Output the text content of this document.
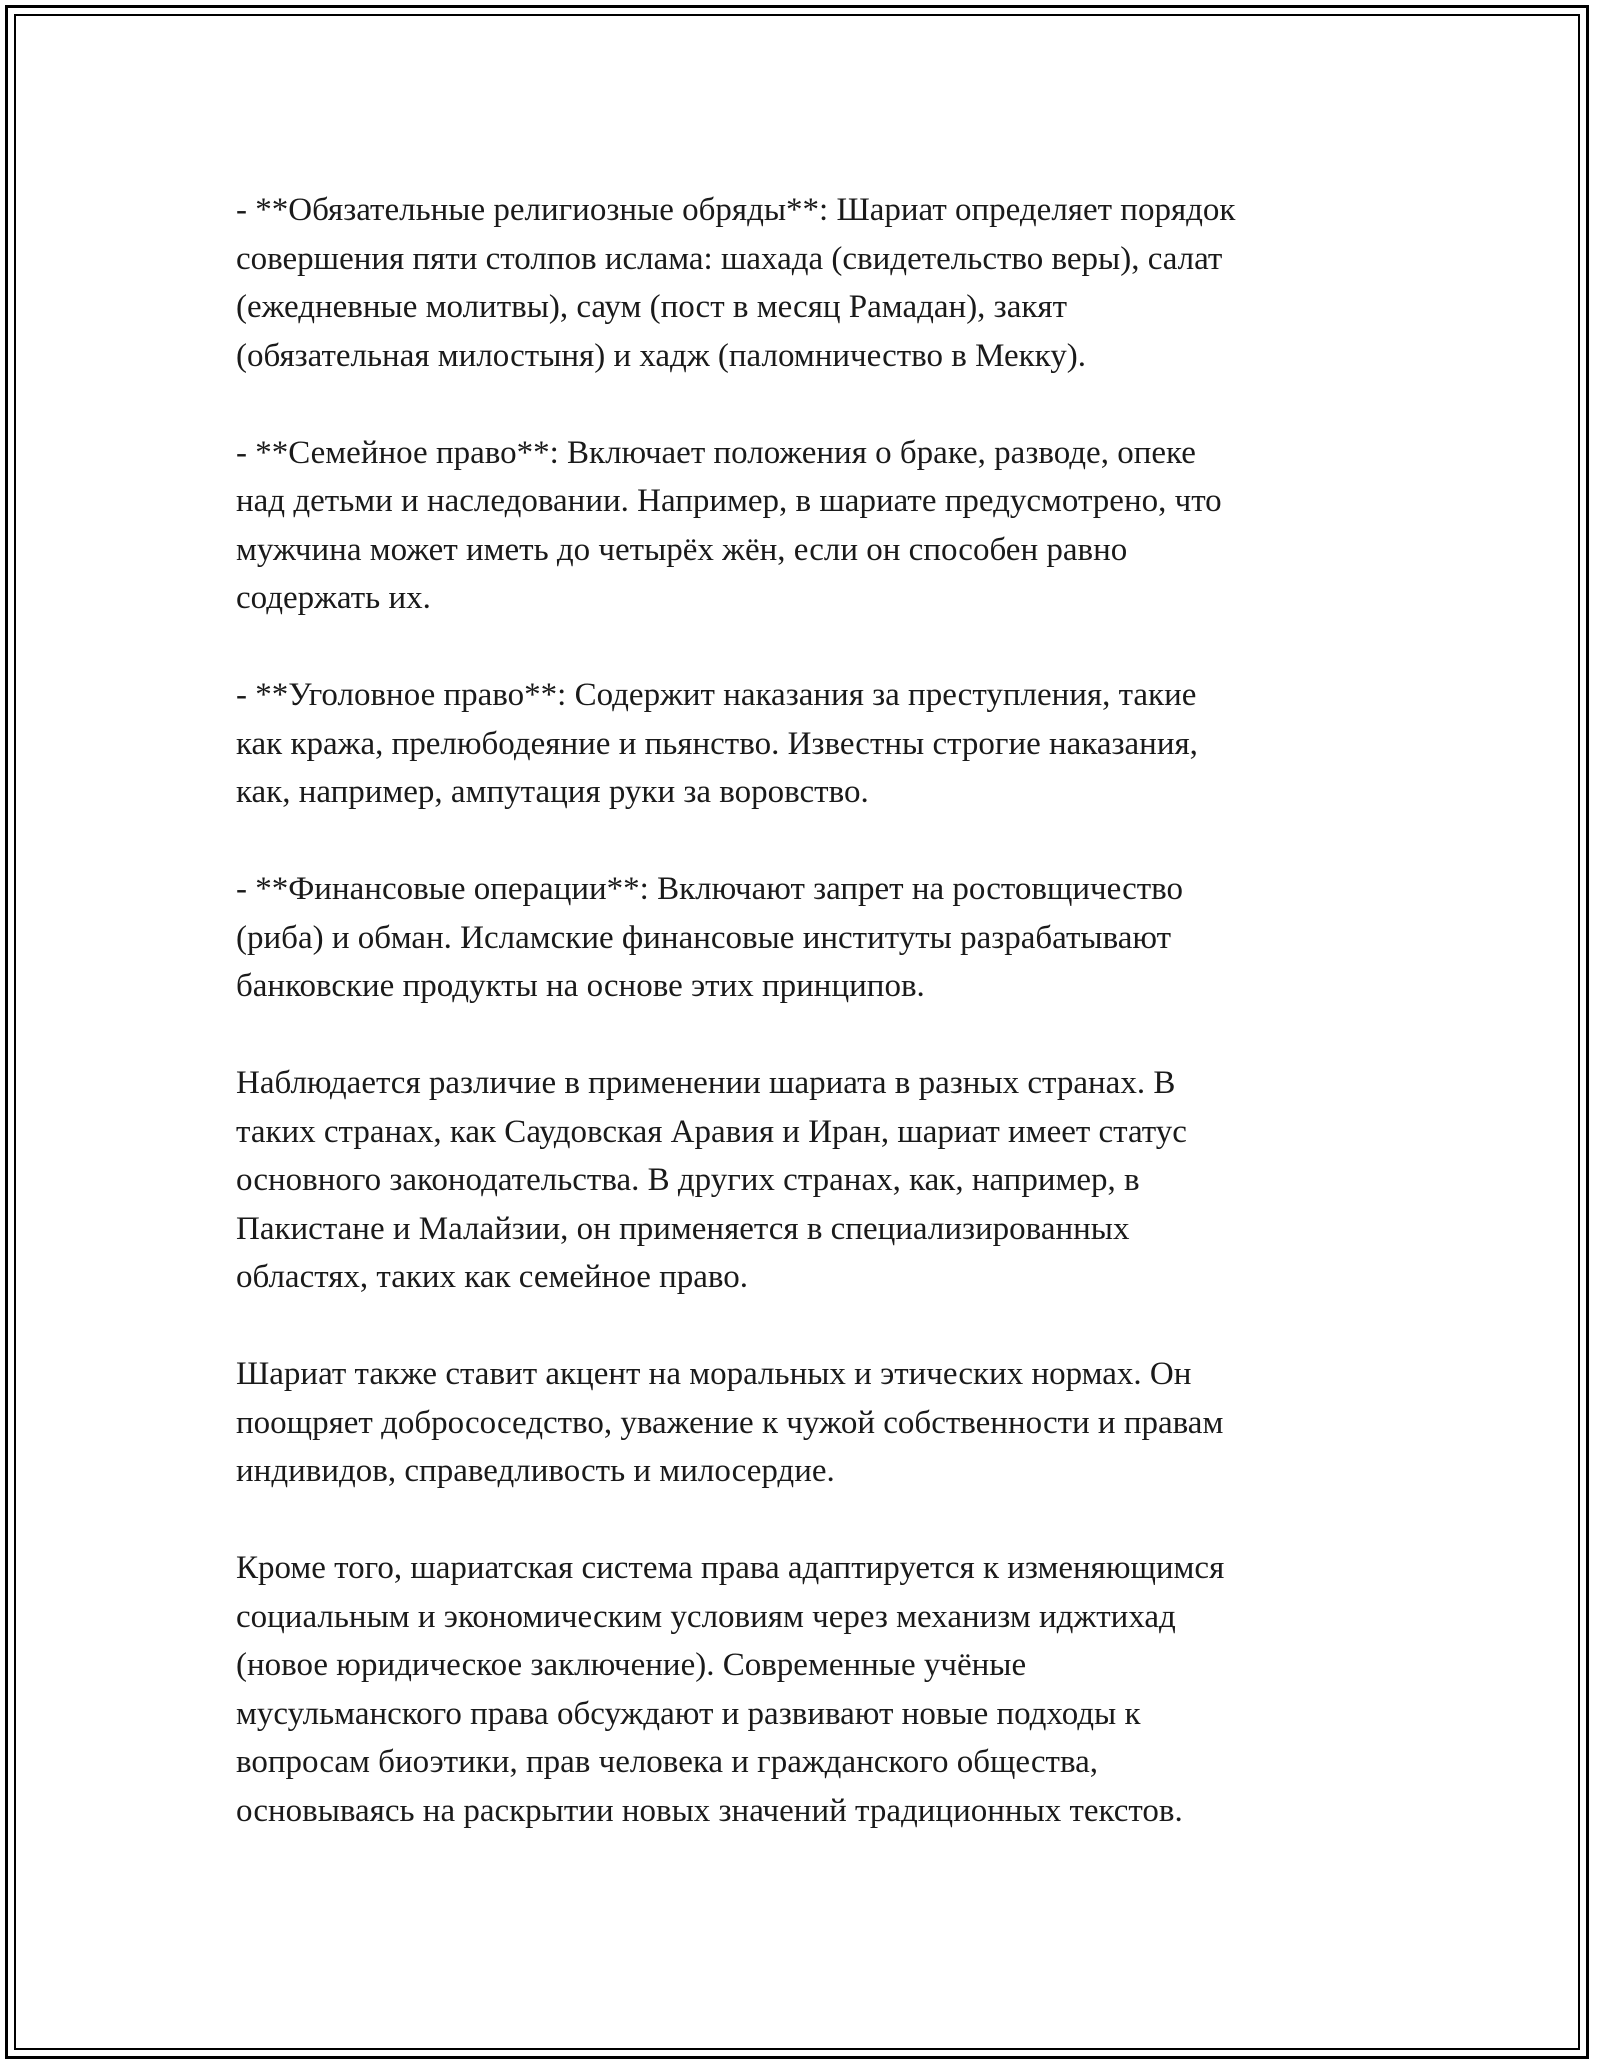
- **Обязательные религиозные обряды**: Шариат определяет порядок
совершения пяти столпов ислама: шахада (свидетельство веры), салат
(ежедневные молитвы), саум (пост в месяц Рамадан), закят
(обязательная милостыня) и хадж (паломничество в Мекку).

- **Семейное право**: Включает положения о браке, разводе, опеке
над детьми и наследовании. Например, в шариате предусмотрено, что
мужчина может иметь до четырёх жён, если он способен равно
содержать их.

- **Уголовное право**: Содержит наказания за преступления, такие
как кража, прелюбодеяние и пьянство. Известны строгие наказания,
как, например, ампутация руки за воровство.

- **Финансовые операции**: Включают запрет на ростовщичество
(риба) и обман. Исламские финансовые институты разрабатывают
банковские продукты на основе этих принципов.

Наблюдается различие в применении шариата в разных странах. В
таких странах, как Саудовская Аравия и Иран, шариат имеет статус
основного законодательства. В других странах, как, например, в
Пакистане и Малайзии, он применяется в специализированных
областях, таких как семейное право.

Шариат также ставит акцент на моральных и этических нормах. Он
поощряет добрососедство, уважение к чужой собственности и правам
индивидов, справедливость и милосердие.

Кроме того, шариатская система права адаптируется к изменяющимся
социальным и экономическим условиям через механизм иджтихад
(новое юридическое заключение). Современные учёные
мусульманского права обсуждают и развивают новые подходы к
вопросам биоэтики, прав человека и гражданского общества,
основываясь на раскрытии новых значений традиционных текстов.
